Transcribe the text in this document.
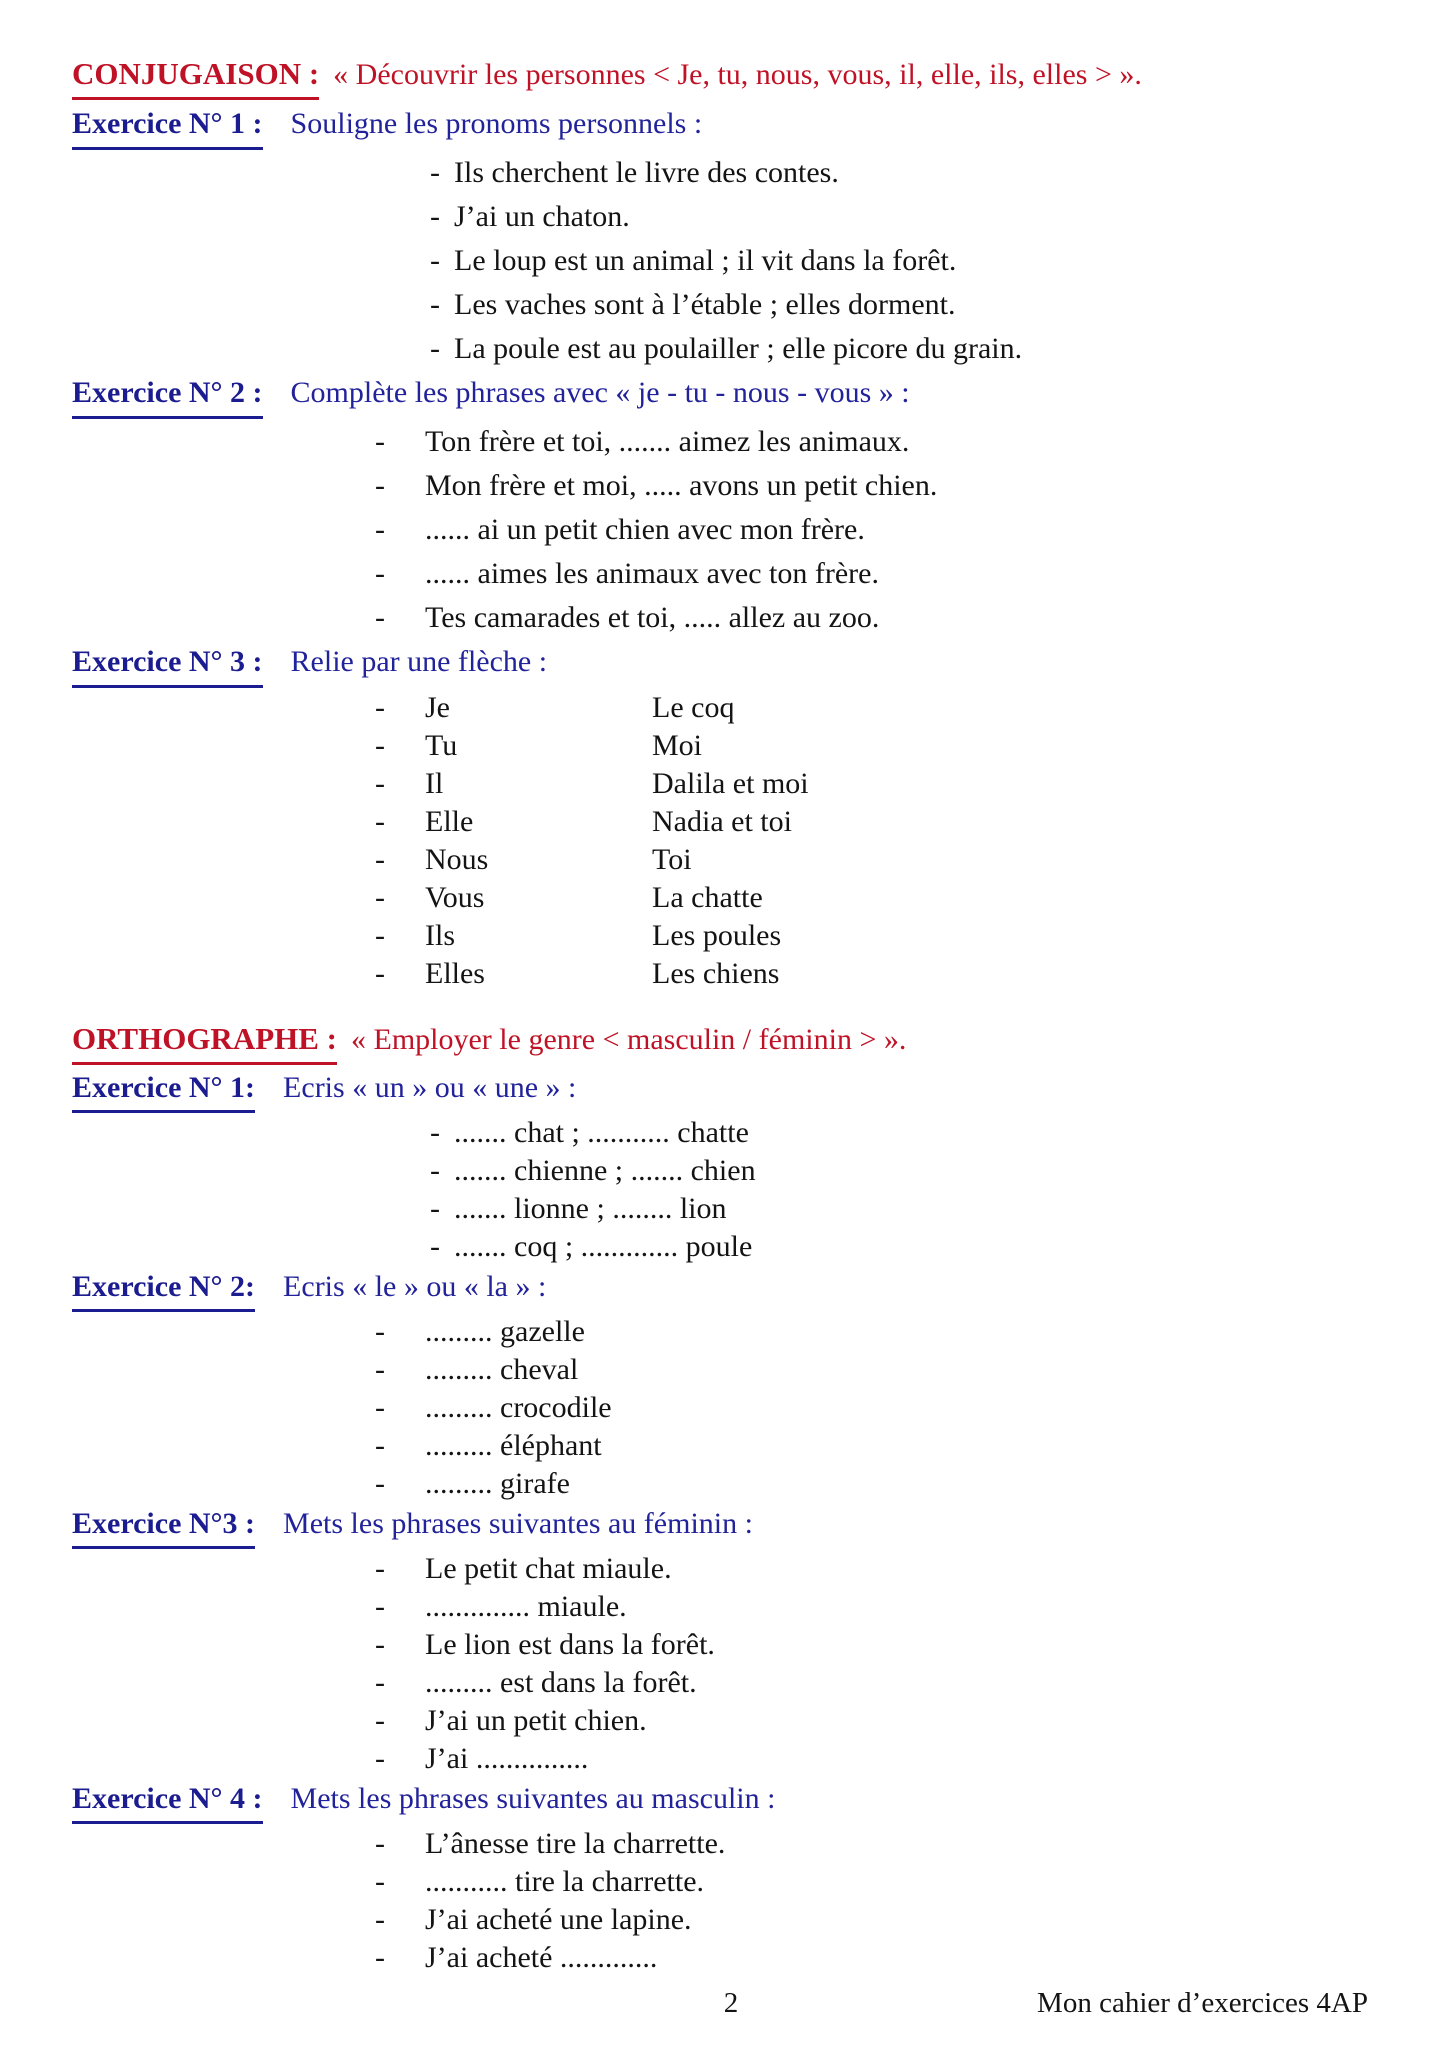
CONJUGAISON : « Découvrir les personnes < Je, tu, nous, vous, il, elle, ils, elles > ».
Exercice N° 1 : Souligne les pronoms personnels :
- Ils cherchent le livre des contes.
- J’ai un chaton.
- Le loup est un animal ; il vit dans la forêt.
- Les vaches sont à l’étable ; elles dorment.
- La poule est au poulailler ; elle picore du grain.
Exercice N° 2 : Complète les phrases avec « je - tu - nous - vous » :
-	Ton frère et toi, ....... aimez les animaux.
-	Mon frère et moi, ..... avons un petit chien.
-	...... ai un petit chien avec mon frère.
-	...... aimes les animaux avec ton frère.
-	Tes camarades et toi, ..... allez au zoo.
Exercice N° 3 : Relie par une flèche :
-	Je	Le coq
-	Tu	Moi
-	Il	Dalila et moi
-	Elle	Nadia et toi
-	Nous	Toi
-	Vous	La chatte
-	Ils	Les poules
-	Elles	Les chiens
ORTHOGRAPHE : « Employer le genre < masculin / féminin > ».
Exercice N° 1: Ecris « un » ou « une » :
- ....... chat ; ........... chatte
- ....... chienne ; ....... chien
- ....... lionne ; ........ lion
- ....... coq ; ............. poule
Exercice N° 2: Ecris « le » ou « la » :
-	......... gazelle
-	......... cheval
-	......... crocodile
-	......... éléphant
-	......... girafe
Exercice N°3 : Mets les phrases suivantes au féminin :
-	Le petit chat miaule.
-	.............. miaule.
-	Le lion est dans la forêt.
-	......... est dans la forêt.
-	J’ai un petit chien.
-	J’ai ...............
Exercice N° 4 : Mets les phrases suivantes au masculin :
-	L’ânesse tire la charrette.
-	........... tire la charrette.
-	J’ai acheté une lapine.
-	J’ai acheté .............
2	Mon cahier d’exercices 4AP
